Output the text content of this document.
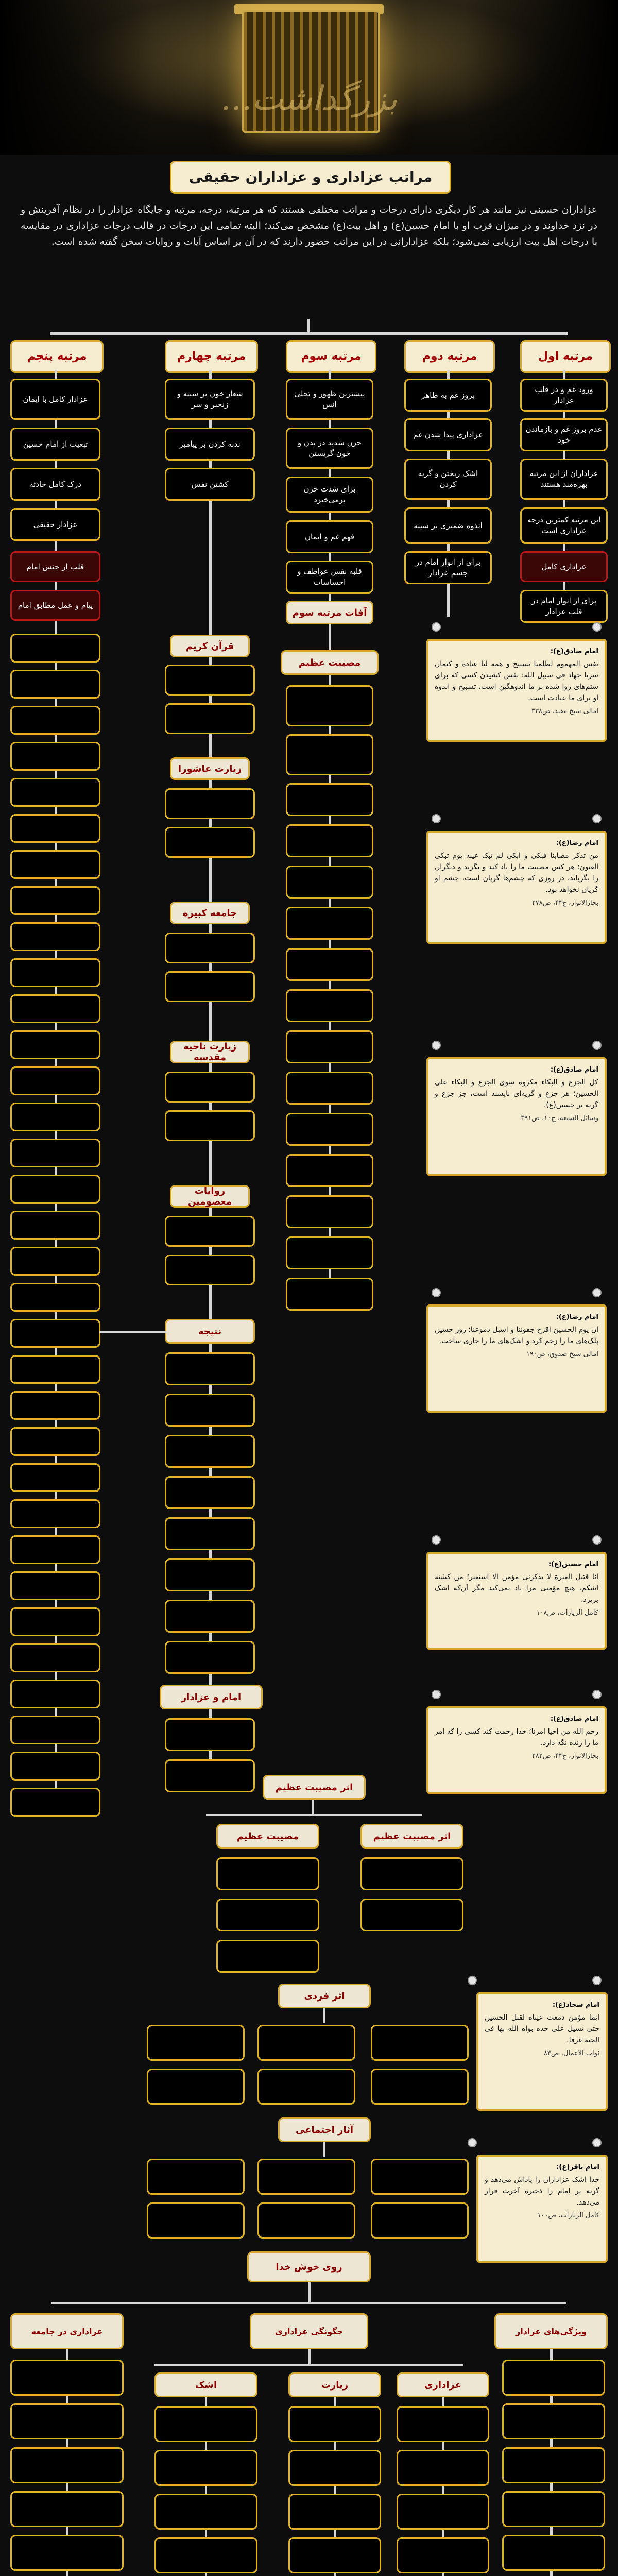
...بزرگداشت
مراتب عزاداری و عزاداران حقیقی
عزاداران حسینی نیز مانند هر کار دیگری دارای درجات و مراتب مختلفی هستند که هر مرتبه، درجه، مرتبه و جایگاه عزادار را در نظام آفرینش و در نزد خداوند و در میزان قرب او با امام حسین(ع) و اهل بیت(ع) مشخص می‌کند؛ البته تمامی این درجات در قالب درجات عزاداری در مقایسه با درجات اهل بیت ارزیابی نمی‌شود؛ بلکه عزادارانی در این مراتب حضور دارند که در آن بر اساس آیات و روایات سخن گفته شده است.
مرتبه اول
مرتبه دوم
مرتبه سوم
مرتبه چهارم
مرتبه پنجم
ورود غم و در قلب عزادار
عدم بروز غم و بازماندن خود
عزاداران از این مرتبه بهره‌مند هستند
این مرتبه کمترین درجه عزاداری است
عزاداری کامل
برای از انوار امام در قلب عزادار
بروز غم به ظاهر
عزاداری پیدا شدن غم
اشک ریختن و گریه کردن
اندوه ضمیری بر سینه
برای از انوار امام در جسم عزادار
بیشترین ظهور و تجلی انس
حزن شدید در بدن و خون گریستن
برای شدت حزن برمی‌خیزد
فهم غم و ایمان
قلبه نفس عواطف و احساسات
آفات مرتبه سوم
شعار خون بر سینه و زنجیر و سر
ندبه کردن بر پیامبر
کشتن نفس
قرآن کریم
زیارت عاشورا
جامعه کبیره
زیارت ناحیه مقدسه
روایات معصومین
عزادار کامل با ایمان
تبعیت از امام حسین
درک کامل حادثه
عزادار حقیقی
قلب از جنس امام
پیام و عمل مطابق امام
مصیبت عظیم
نتیجه
امام و عزادار
اثر مصیبت عظیم
اثر مصیبت عظیم
مصیبت عظیم
اثر فردی
آثار اجتماعی
روی خوش خدا
امام صادق(ع):
نفس المهموم لظلمنا تسبیح و همه لنا عبادة و کتمان سرنا جهاد فی سبیل الله؛ نفس کشیدن کسی که برای ستم‌های روا شده بر ما اندوهگین است، تسبیح و اندوه او برای ما عبادت است.
امالی شیخ مفید، ص۳۳۸
امام رضا(ع):
من تذکر مصابنا فبکی و ابکی لم تبک عینه یوم تبکی العیون؛ هر کس مصیبت ما را یاد کند و بگرید و دیگران را بگریاند، در روزی که چشم‌ها گریان است، چشم او گریان نخواهد بود.
بحارالانوار، ج۴۴، ص۲۷۸
امام صادق(ع):
کل الجزع و البکاء مکروه سوی الجزع و البکاء علی الحسین؛ هر جزع و گریه‌ای ناپسند است، جز جزع و گریه بر حسین(ع).
وسائل الشیعه، ج۱۰، ص۳۹۱
امام رضا(ع):
ان یوم الحسین اقرح جفوننا و اسبل دموعنا؛ روز حسین پلک‌های ما را زخم کرد و اشک‌های ما را جاری ساخت.
امالی شیخ صدوق، ص۱۹۰
امام حسین(ع):
انا قتیل العبرة لا یذکرنی مؤمن الا استعبر؛ من کشته اشکم، هیچ مؤمنی مرا یاد نمی‌کند مگر آن‌که اشک بریزد.
کامل الزیارات، ص۱۰۸
امام صادق(ع):
رحم الله من احیا امرنا؛ خدا رحمت کند کسی را که امر ما را زنده نگه دارد.
بحارالانوار، ج۴۴، ص۲۸۲
امام سجاد(ع):
ایما مؤمن دمعت عیناه لقتل الحسین حتی تسیل علی خده بواه الله بها فی الجنة غرفا.
ثواب الاعمال، ص۸۳
امام باقر(ع):
خدا اشک عزاداران را پاداش می‌دهد و گریه بر امام را ذخیره آخرت قرار می‌دهد.
کامل الزیارات، ص۱۰۰
ویژگی‌های عزادار
چگونگی عزاداری
عزاداری در جامعه
عزاداری
زیارت
اشک
